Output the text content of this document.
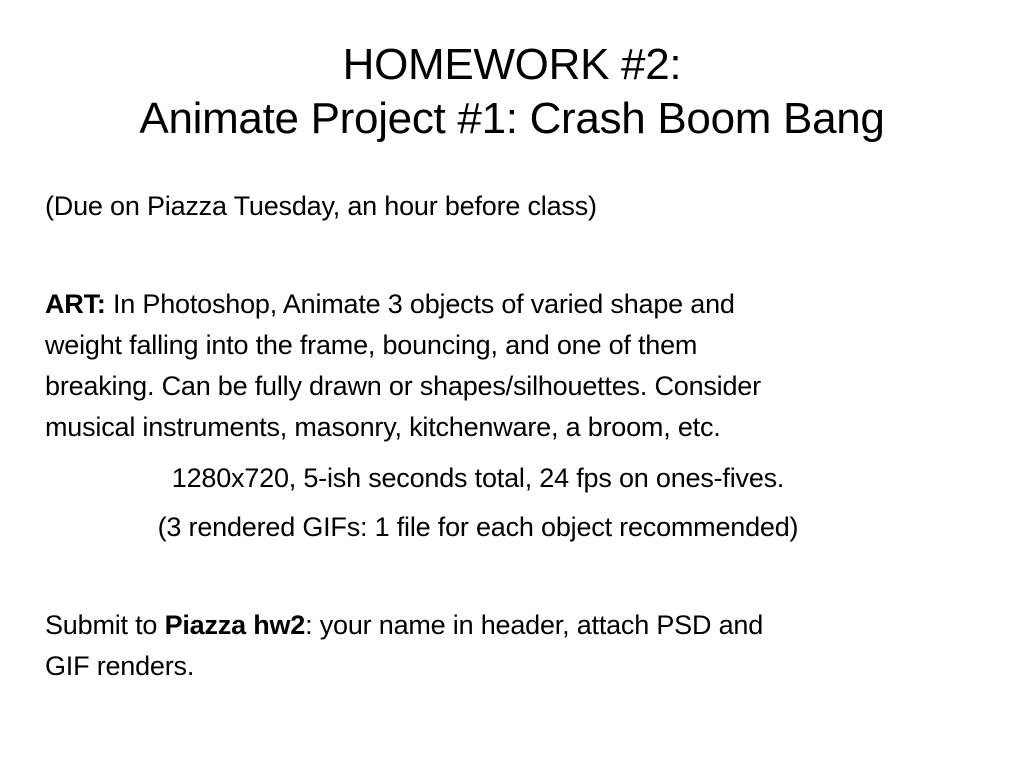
HOMEWORK #2:
Animate Project #1: Crash Boom Bang

(Due on Piazza Tuesday, an hour before class)

ART: In Photoshop, Animate 3 objects of varied shape and

weight falling into the frame, bouncing, and one of them

breaking. Can be fully drawn or shapes/silhouettes. Consider

musical instruments, masonry, kitchenware, a broom, etc.

1280x720, 5-ish seconds total, 24 fps on ones-fives.

(3 rendered GIFs: 1 file for each object recommended)

Submit to Piazza hw2: your name in header, attach PSD and

GIF renders.
